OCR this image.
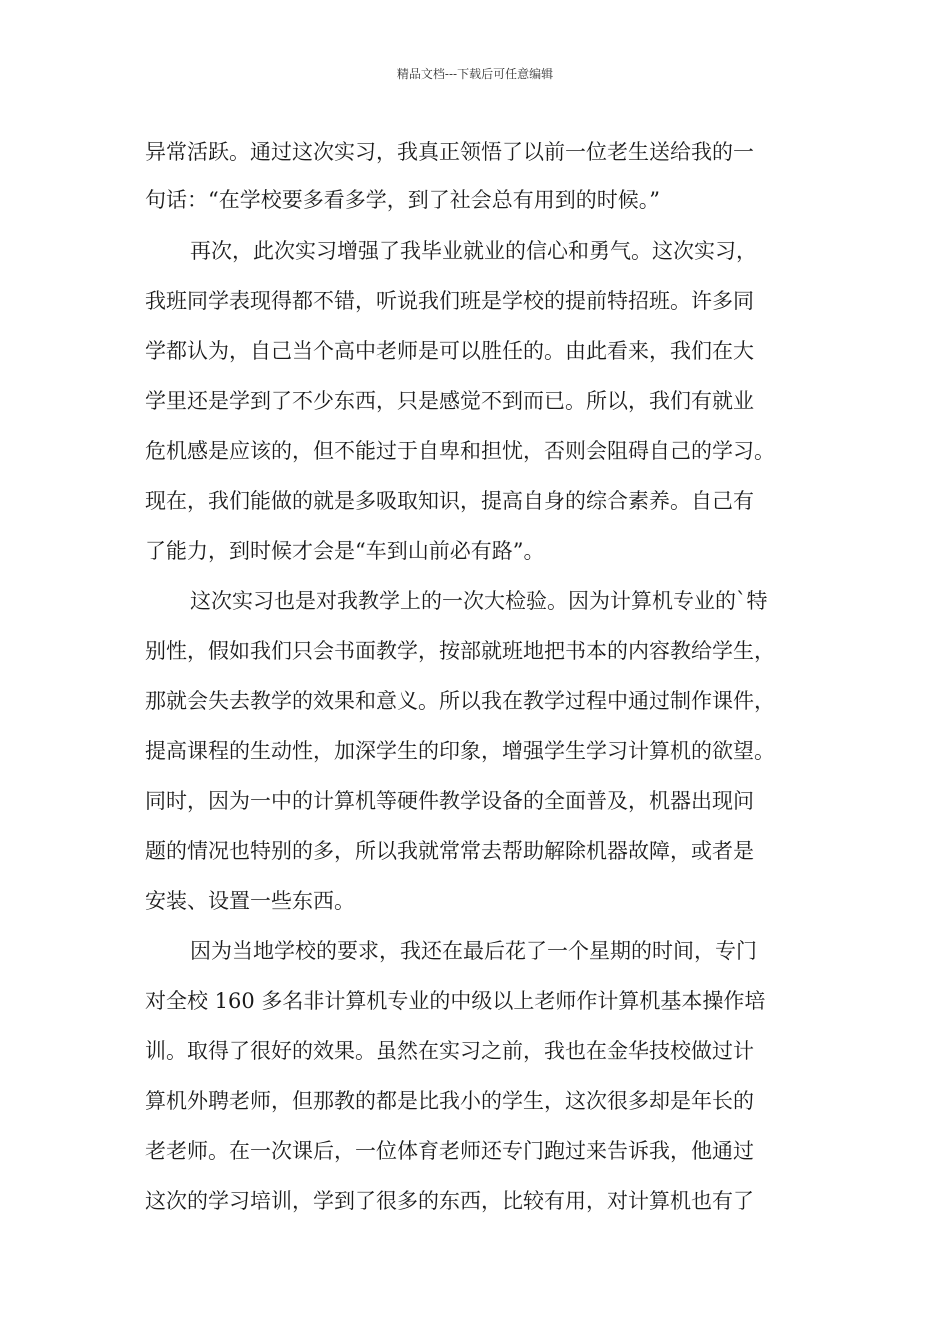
精品文档---下载后可任意编辑
异常活跃。通过这次实习，我真正领悟了以前一位老生送给我的一
句话：“在学校要多看多学，到了社会总有用到的时候。”
再次，此次实习增强了我毕业就业的信心和勇气。这次实习，
我班同学表现得都不错，听说我们班是学校的提前特招班。许多同
学都认为，自己当个高中老师是可以胜任的。由此看来，我们在大
学里还是学到了不少东西，只是感觉不到而已。所以，我们有就业
危机感是应该的，但不能过于自卑和担忧，否则会阻碍自己的学习。
现在，我们能做的就是多吸取知识，提高自身的综合素养。自己有
了能力，到时候才会是“车到山前必有路”。
这次实习也是对我教学上的一次大检验。因为计算机专业的`特
别性，假如我们只会书面教学，按部就班地把书本的内容教给学生，
那就会失去教学的效果和意义。所以我在教学过程中通过制作课件，
提高课程的生动性，加深学生的印象，增强学生学习计算机的欲望。
同时，因为一中的计算机等硬件教学设备的全面普及，机器出现问
题的情况也特别的多，所以我就常常去帮助解除机器故障，或者是
安装、设置一些东西。
因为当地学校的要求，我还在最后花了一个星期的时间，专门
对全校 160 多名非计算机专业的中级以上老师作计算机基本操作培
训。取得了很好的效果。虽然在实习之前，我也在金华技校做过计
算机外聘老师，但那教的都是比我小的学生，这次很多却是年长的
老老师。在一次课后，一位体育老师还专门跑过来告诉我，他通过
这次的学习培训，学到了很多的东西，比较有用，对计算机也有了
